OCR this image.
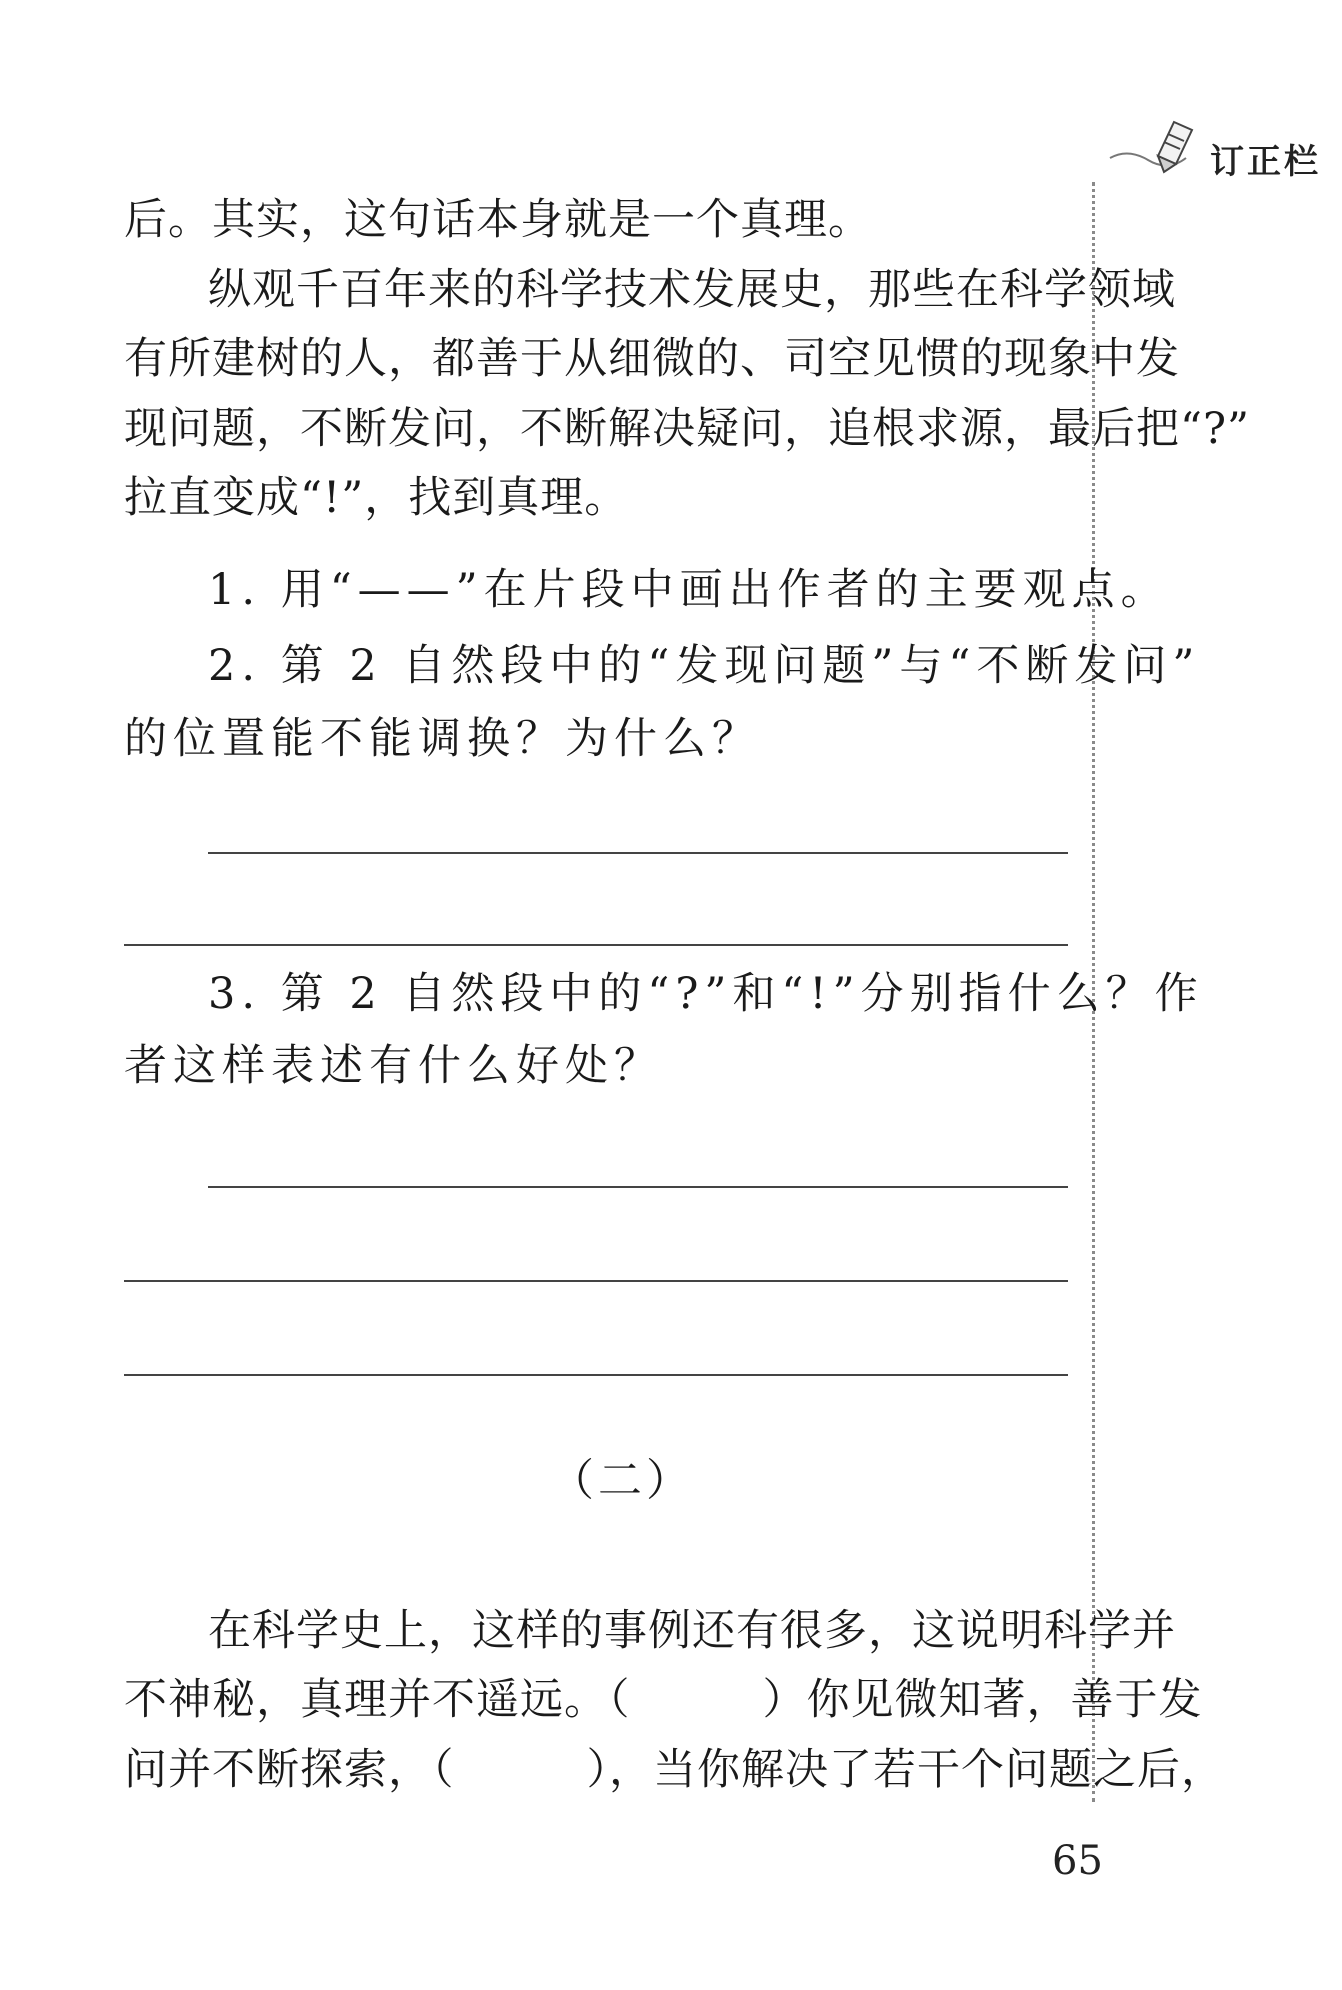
订正栏
后。其实，这句话本身就是一个真理。
纵观千百年来的科学技术发展史，那些在科学领域
有所建树的人，都善于从细微的、司空见惯的现象中发
现问题，不断发问，不断解决疑问，追根求源，最后把“?”
拉直变成“!”，找到真理。
1. 用“——”在片段中画出作者的主要观点。
2. 第 2 自然段中的“发现问题”与“不断发问”
的位置能不能调换？为什么？
3. 第 2 自然段中的“?”和“!”分别指什么？作
者这样表述有什么好处？
（二）
在科学史上，这样的事例还有很多，这说明科学并
不神秘，真理并不遥远。（　　　）你见微知著，善于发
问并不断探索，（　　　），当你解决了若干个问题之后，
65
